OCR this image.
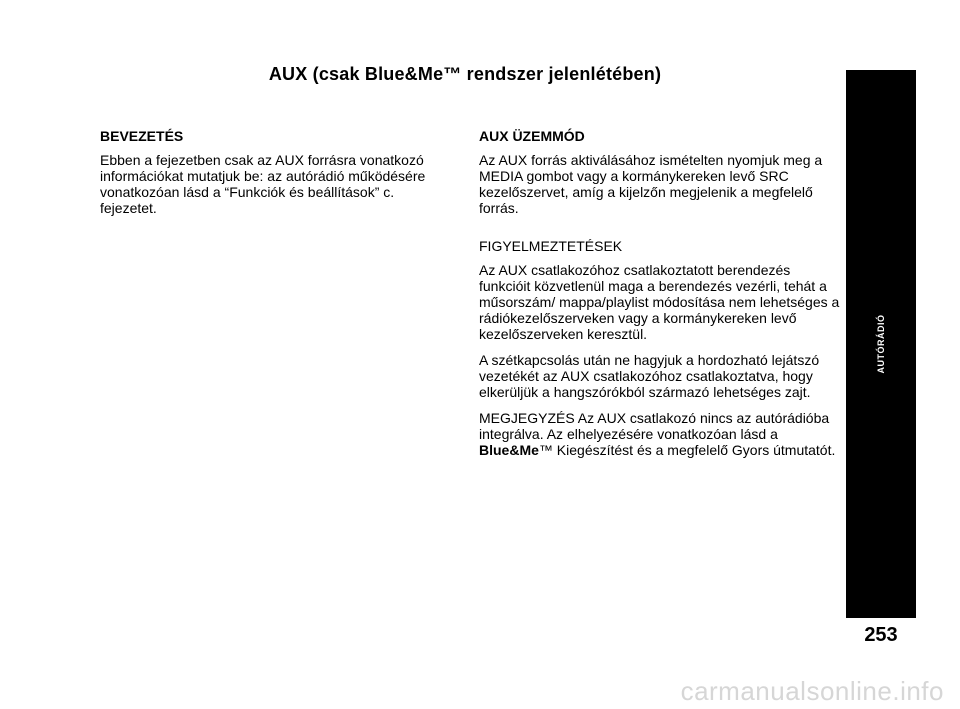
AUX (csak Blue&Me™ rendszer jelenlétében)
BEVEZETÉS

Ebben a fejezetben csak az AUX forrásra vonatkozó információkat mutatjuk be: az autórádió működésére vonatkozóan lásd a “Funkciók és beállítások” c. fejezetet.

AUX ÜZEMMÓD

Az AUX forrás aktiválásához ismételten nyomjuk meg a MEDIA gombot vagy a kormánykereken levő SRC kezelőszervet, amíg a kijelzőn megjelenik a megfelelő forrás.

FIGYELMEZTETÉSEK

Az AUX csatlakozóhoz csatlakoztatott berendezés funkcióit közvetlenül maga a berendezés vezérli, tehát a műsorszám/ mappa/playlist módosítása nem lehetséges a rádiókezelőszerveken vagy a kormánykereken levő kezelőszerveken keresztül.

A szétkapcsolás után ne hagyjuk a hordozható lejátszó vezetékét az AUX csatlakozóhoz csatlakoztatva, hogy elkerüljük a hangszórókból származó lehetséges zajt.

MEGJEGYZÉS Az AUX csatlakozó nincs az autórádióba integrálva. Az elhelyezésére vonatkozóan lásd a Blue&Me™ Kiegészítést és a megfelelő Gyors útmutatót.

AUTÓRÁDIÓ
253
carmanualsonline.info
